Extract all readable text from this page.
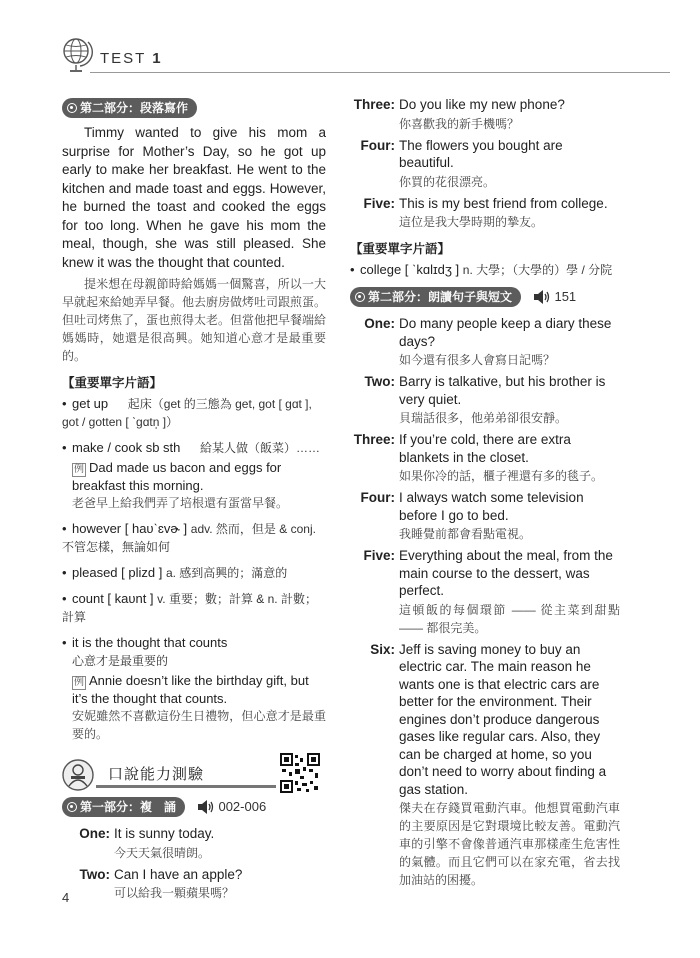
TEST 1
第二部分：段落寫作
Timmy wanted to give his mom a surprise for Mother’s Day, so he got up early to make her breakfast. He went to the kitchen and made toast and eggs. However, he burned the toast and cooked the eggs for too long. When he gave his mom the meal, though, she was still pleased. She knew it was the thought that counted.
提米想在母親節時給媽媽一個驚喜，所以一大早就起來給她弄早餐。他去廚房做烤吐司跟煎蛋。但吐司烤焦了，蛋也煎得太老。但當他把早餐端給媽媽時，她還是很高興。她知道心意才是最重要的。
【重要單字片語】
• get up 起床（get 的三態為 get, got [ ɡɑt ], got / gotten [ ˋɡɑtn̩ ]）
• make / cook sb sth 給某人做（飯菜）……
例 Dad made us bacon and eggs for breakfast this morning.
老爸早上給我們弄了培根還有蛋當早餐。
• however [ haυˋɛvɚ ] adv. 然而，但是 & conj. 不管怎樣，無論如何
• pleased [ plizd ] a. 感到高興的；滿意的
• count [ kaυnt ] v. 重要；數；計算 & n. 計數；計算
• it is the thought that counts
心意才是最重要的
例 Annie doesn’t like the birthday gift, but it’s the thought that counts.
安妮雖然不喜歡這份生日禮物，但心意才是最重要的。
口說能力測驗
第一部分：複　誦	002-006
One: It is sunny today.
今天天氣很晴朗。
Two: Can I have an apple?
可以給我一顆蘋果嗎？
Three: Do you like my new phone?
你喜歡我的新手機嗎？
Four: The flowers you bought are beautiful.
你買的花很漂亮。
Five: This is my best friend from college.
這位是我大學時期的摯友。
【重要單字片語】
• college [ ˋkɑlɪdʒ ] n. 大學；（大學的）學 / 分院
第二部分：朗讀句子與短文	151
One: Do many people keep a diary these days?
如今還有很多人會寫日記嗎？
Two: Barry is talkative, but his brother is very quiet.
貝瑞話很多，他弟弟卻很安靜。
Three: If you’re cold, there are extra blankets in the closet.
如果你冷的話，櫃子裡還有多的毯子。
Four: I always watch some television before I go to bed.
我睡覺前都會看點電視。
Five: Everything about the meal, from the main course to the dessert, was perfect.
這頓飯的每個環節 —— 從主菜到甜點 —— 都很完美。
Six: Jeff is saving money to buy an electric car. The main reason he wants one is that electric cars are better for the environment. Their engines don’t produce dangerous gases like regular cars. Also, they can be charged at home, so you don’t need to worry about finding a gas station.
傑夫在存錢買電動汽車。他想買電動汽車的主要原因是它對環境比較友善。電動汽車的引擎不會像普通汽車那樣產生危害性的氣體。而且它們可以在家充電，省去找加油站的困擾。
4
